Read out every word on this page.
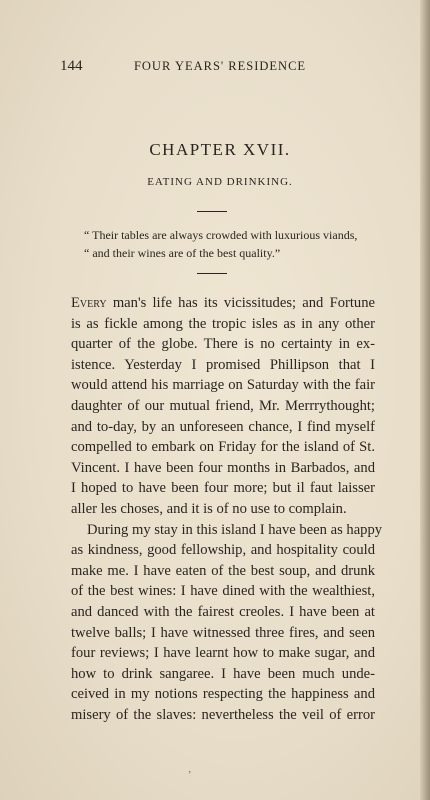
144	FOUR YEARS' RESIDENCE
CHAPTER XVII.
EATING AND DRINKING.
“ Their tables are always crowded with luxurious viands,
“ and their wines are of the best quality.”
Every man's life has its vicissitudes; and Fortune
is as fickle among the tropic isles as in any other
quarter of the globe. There is no certainty in ex-
istence. Yesterday I promised Phillipson that I
would attend his marriage on Saturday with the fair
daughter of our mutual friend, Mr. Merrrythought;
and to-day, by an unforeseen chance, I find myself
compelled to embark on Friday for the island of St.
Vincent. I have been four months in Barbados, and
I hoped to have been four more; but il faut laisser
aller les choses, and it is of no use to complain.
During my stay in this island I have been as happy
as kindness, good fellowship, and hospitality could
make me. I have eaten of the best soup, and drunk
of the best wines: I have dined with the wealthiest,
and danced with the fairest creoles. I have been at
twelve balls; I have witnessed three fires, and seen
four reviews; I have learnt how to make sugar, and
how to drink sangaree. I have been much unde-
ceived in my notions respecting the happiness and
misery of the slaves: nevertheless the veil of error
ʼ
